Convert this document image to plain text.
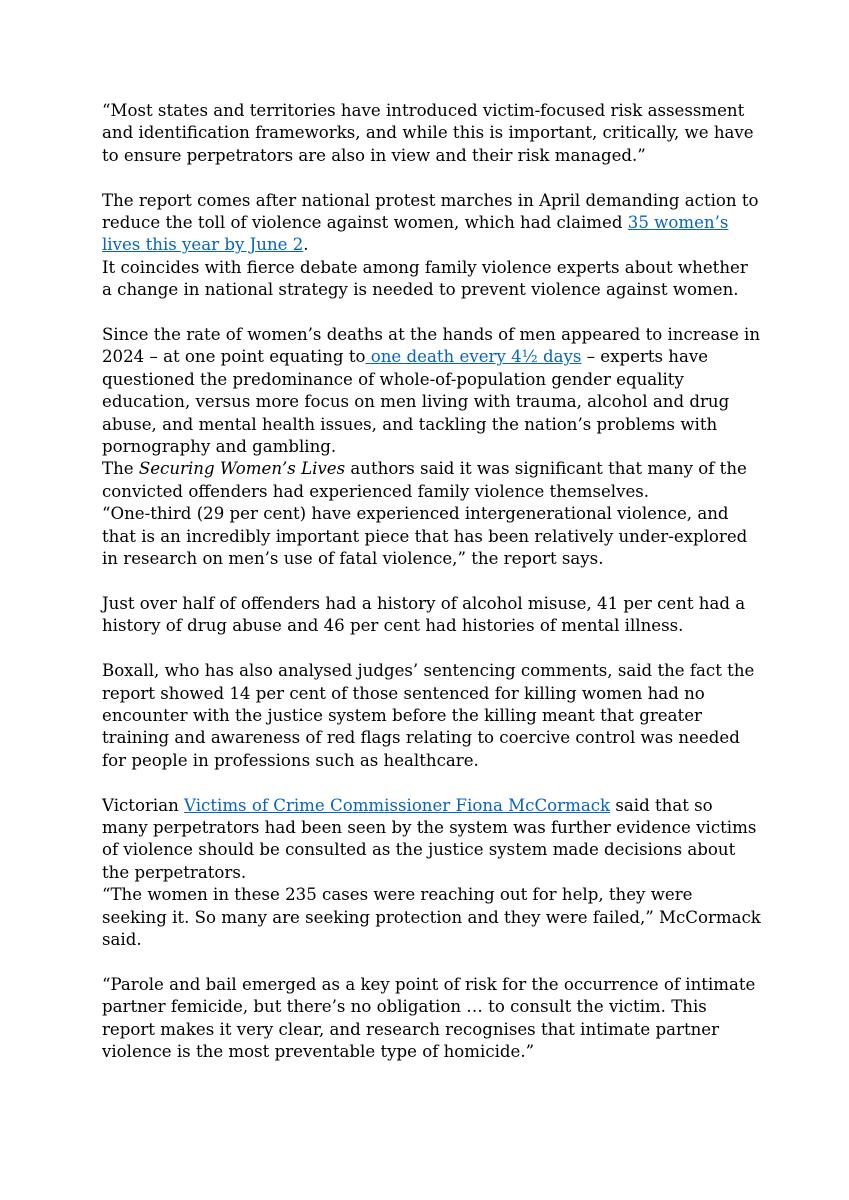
“Most states and territories have introduced victim-focused risk assessment and identification frameworks, and while this is important, critically, we have to ensure perpetrators are also in view and their risk managed.”

The report comes after national protest marches in April demanding action to reduce the toll of violence against women, which had claimed 35 women’s lives this year by June 2.

It coincides with fierce debate among family violence experts about whether a change in national strategy is needed to prevent violence against women.

Since the rate of women’s deaths at the hands of men appeared to increase in 2024 – at one point equating to one death every 4½ days – experts have questioned the predominance of whole-of-population gender equality education, versus more focus on men living with trauma, alcohol and drug abuse, and mental health issues, and tackling the nation’s problems with pornography and gambling.

The Securing Women’s Lives authors said it was significant that many of the convicted offenders had experienced family violence themselves.

“One-third (29 per cent) have experienced intergenerational violence, and that is an incredibly important piece that has been relatively under-explored in research on men’s use of fatal violence,” the report says.

Just over half of offenders had a history of alcohol misuse, 41 per cent had a history of drug abuse and 46 per cent had histories of mental illness.

Boxall, who has also analysed judges’ sentencing comments, said the fact the report showed 14 per cent of those sentenced for killing women had no encounter with the justice system before the killing meant that greater training and awareness of red flags relating to coercive control was needed for people in professions such as healthcare.

Victorian Victims of Crime Commissioner Fiona McCormack said that so many perpetrators had been seen by the system was further evidence victims of violence should be consulted as the justice system made decisions about the perpetrators.

“The women in these 235 cases were reaching out for help, they were seeking it. So many are seeking protection and they were failed,” McCormack said.

“Parole and bail emerged as a key point of risk for the occurrence of intimate partner femicide, but there’s no obligation … to consult the victim. This report makes it very clear, and research recognises that intimate partner violence is the most preventable type of homicide.”
